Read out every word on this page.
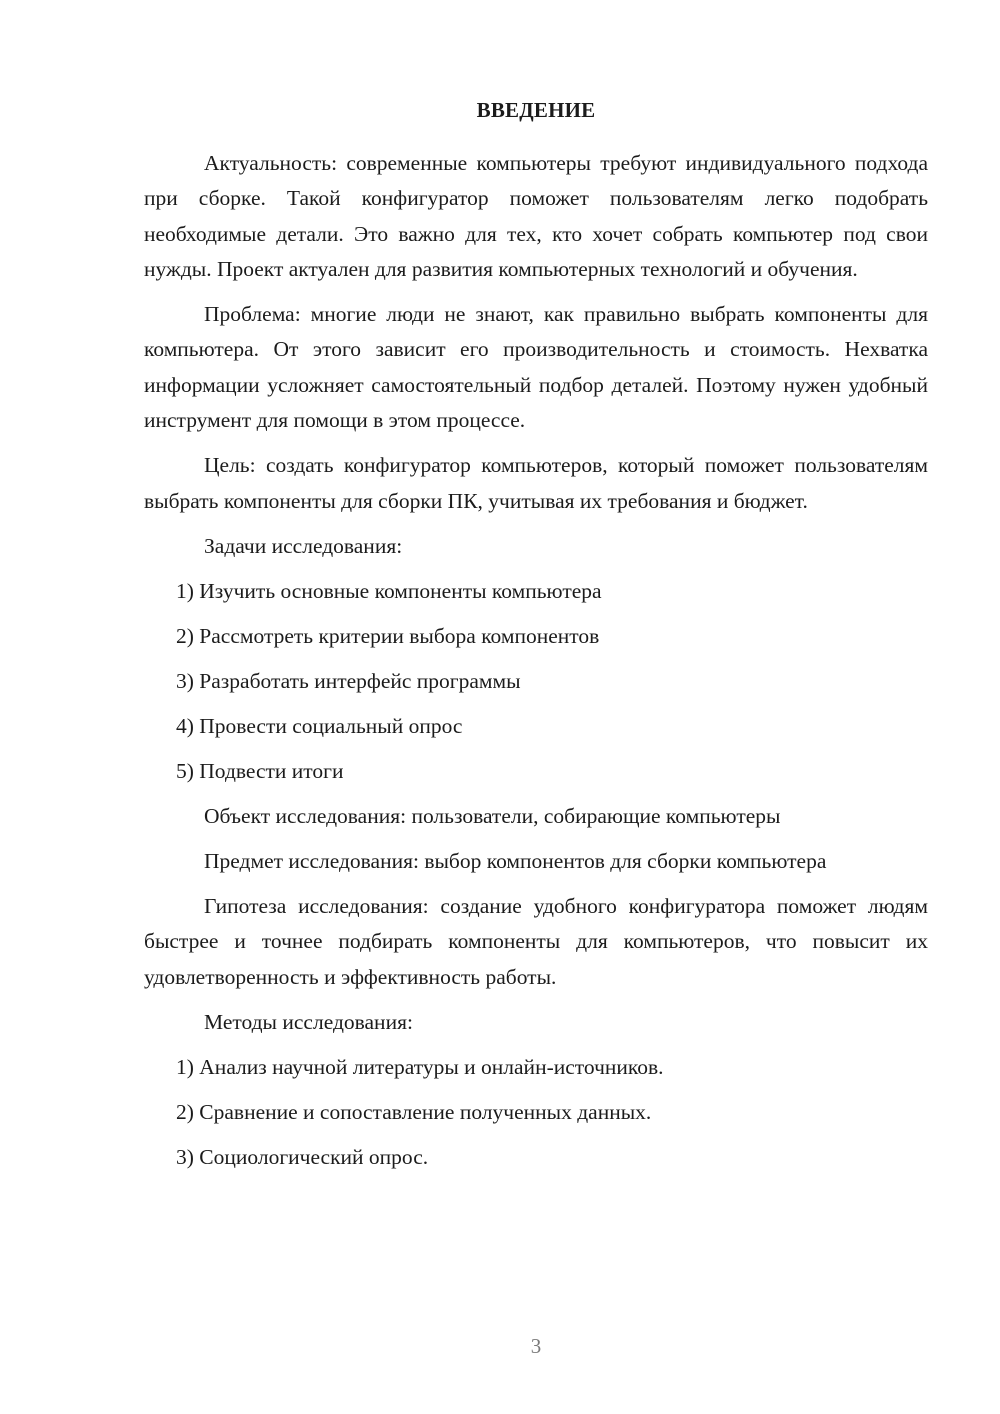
ВВЕДЕНИЕ

Актуальность: современные компьютеры требуют индивидуального подхода при сборке. Такой конфигуратор поможет пользователям легко подобрать необходимые детали. Это важно для тех, кто хочет собрать компьютер под свои нужды. Проект актуален для развития компьютерных технологий и обучения.

Проблема: многие люди не знают, как правильно выбрать компоненты для компьютера. От этого зависит его производительность и стоимость. Нехватка информации усложняет самостоятельный подбор деталей. Поэтому нужен удобный инструмент для помощи в этом процессе.

Цель: создать конфигуратор компьютеров, который поможет пользователям выбрать компоненты для сборки ПК, учитывая их требования и бюджет.

Задачи исследования:
1) Изучить основные компоненты компьютера
2) Рассмотреть критерии выбора компонентов
3) Разработать интерфейс программы
4) Провести социальный опрос
5) Подвести итоги
Объект исследования: пользователи, собирающие компьютеры
Предмет исследования: выбор компонентов для сборки компьютера

Гипотеза исследования: создание удобного конфигуратора поможет людям быстрее и точнее подбирать компоненты для компьютеров, что повысит их удовлетворенность и эффективность работы.

Методы исследования:
1) Анализ научной литературы и онлайн-источников.
2) Сравнение и сопоставление полученных данных.
3) Социологический опрос.
3
